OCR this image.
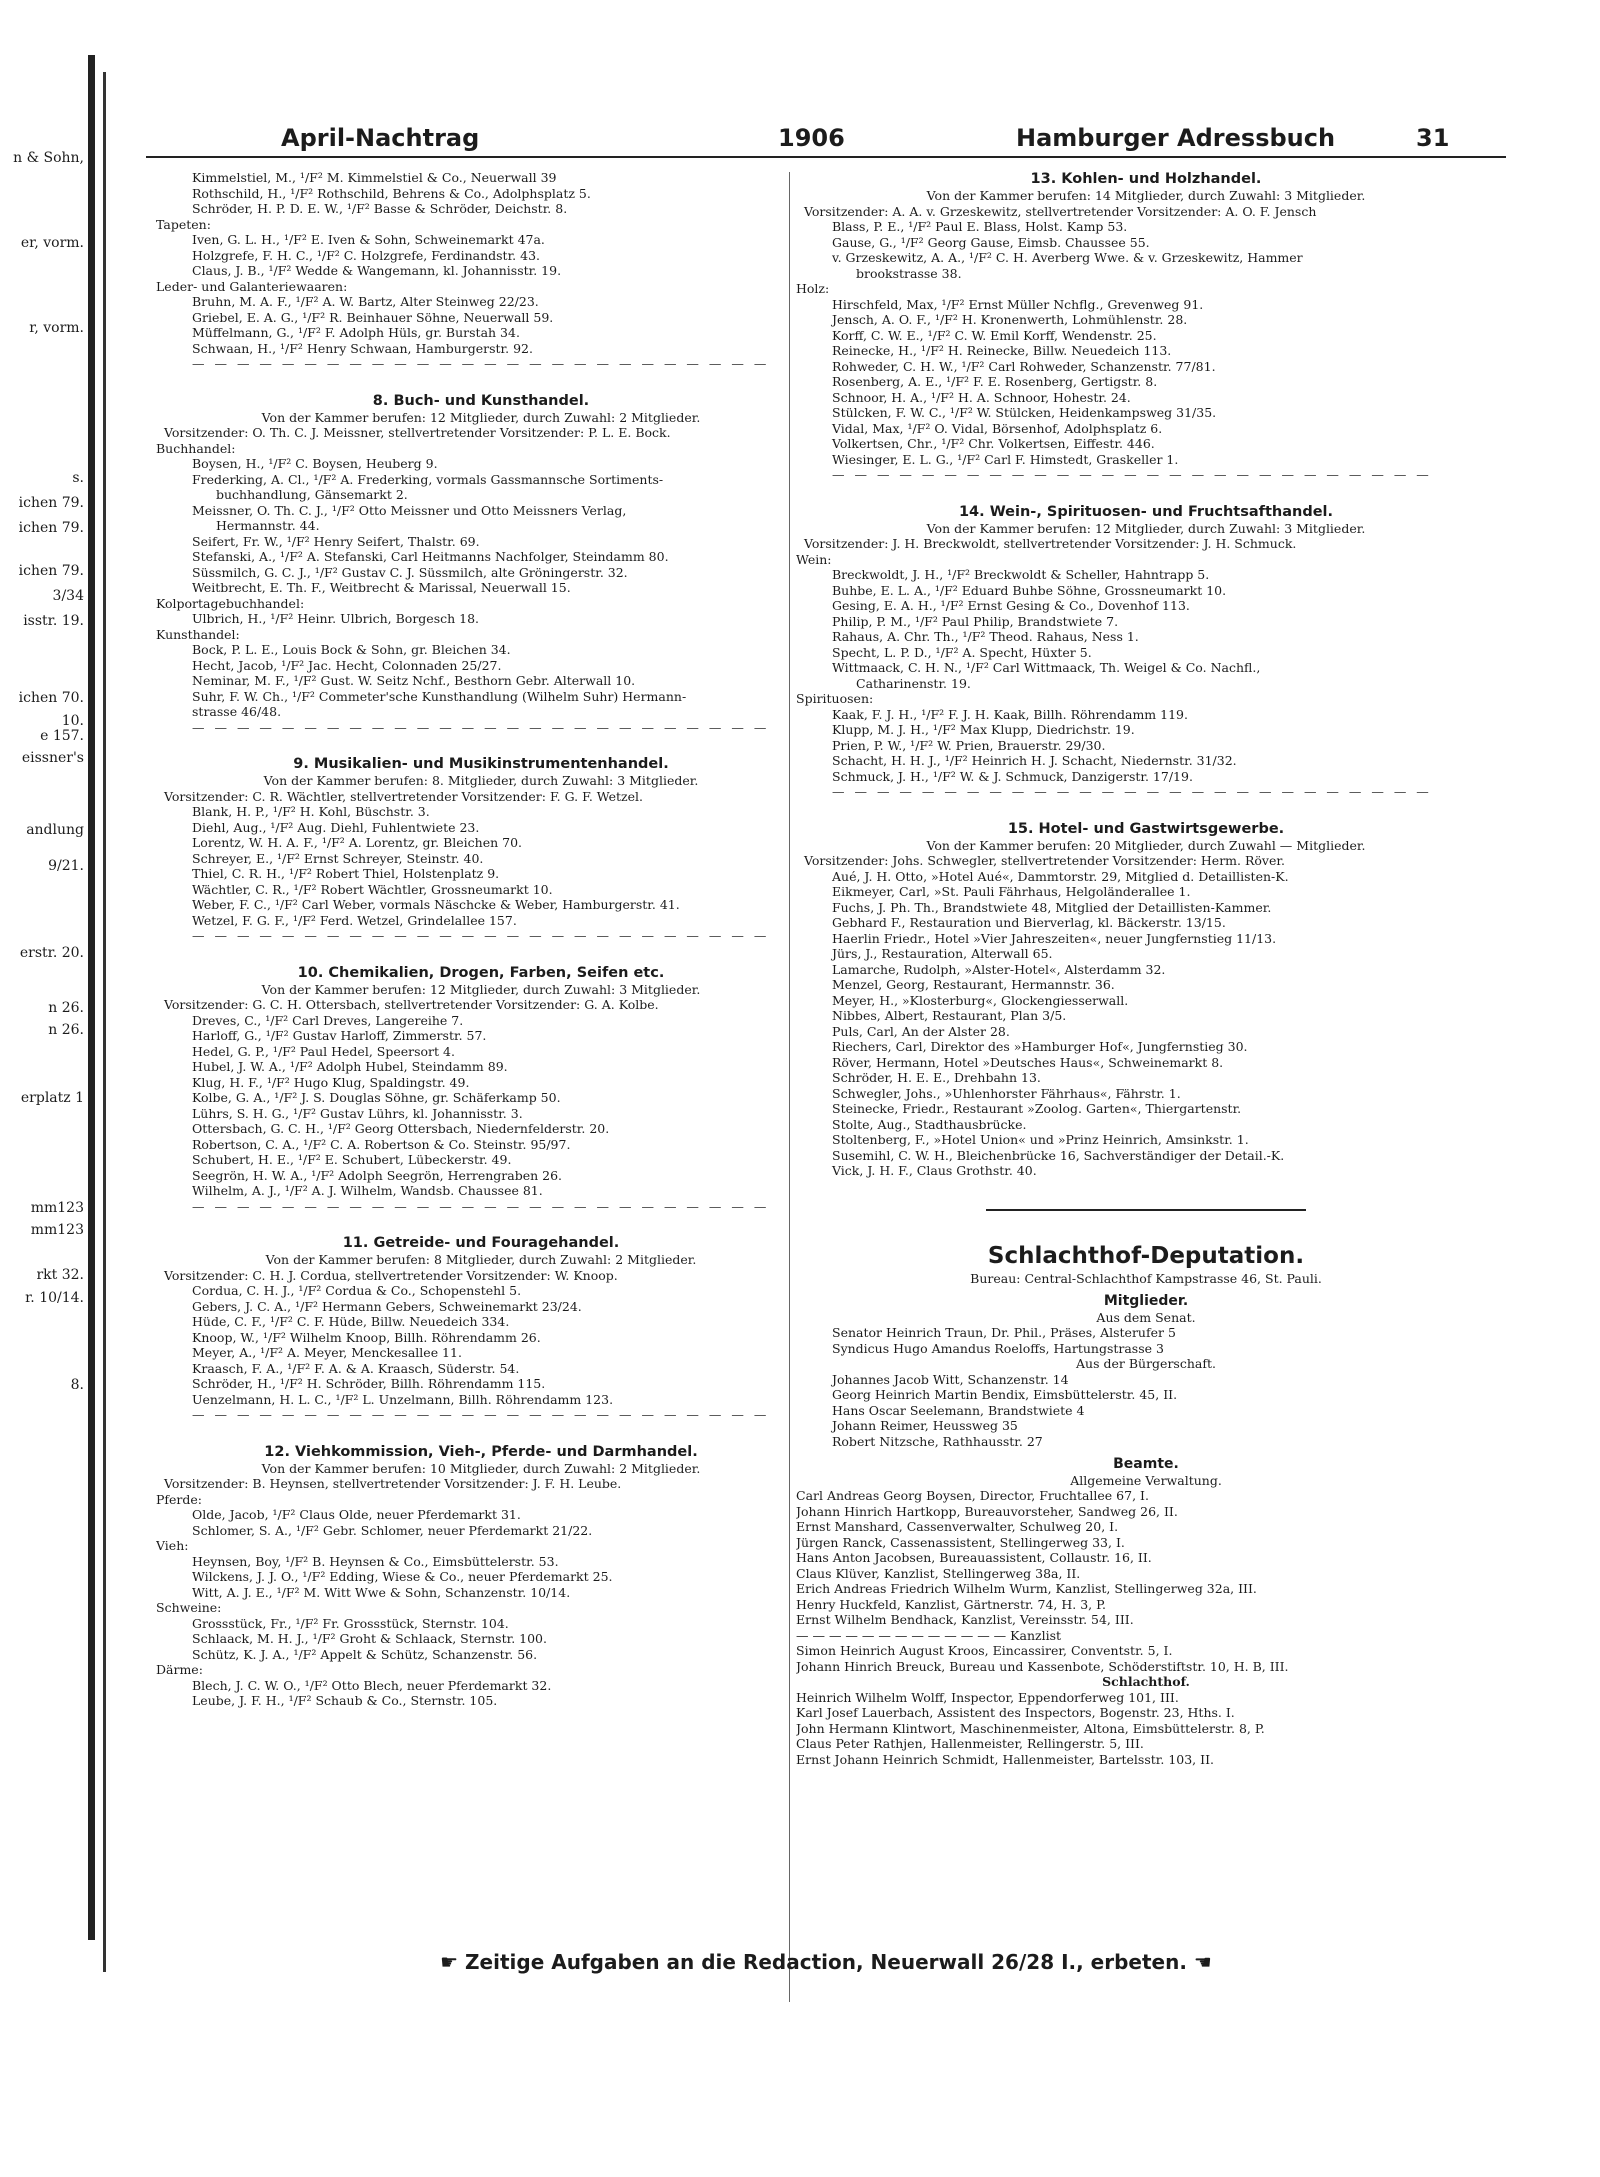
n & Sohn,
er, vorm.
r, vorm.
s.
ichen 79.
ichen 79.
ichen 79.
3/34
isstr. 19.
ichen 70.
10.
e 157.
eissner's
andlung
9/21.
erstr. 20.
n 26.
n 26.
erplatz 1
mm123
mm123
rkt 32.
r. 10/14.
8.
April-Nachtrag	1906	Hamburger Adressbuch	31
Kimmelstiel, M., ¹/F² M. Kimmelstiel & Co., Neuerwall 39
Rothschild, H., ¹/F² Rothschild, Behrens & Co., Adolphsplatz 5.
Schröder, H. P. D. E. W., ¹/F² Basse & Schröder, Deichstr. 8.
Tapeten:
Iven, G. L. H., ¹/F² E. Iven & Sohn, Schweinemarkt 47a.
Holzgrefe, F. H. C., ¹/F² C. Holzgrefe, Ferdinandstr. 43.
Claus, J. B., ¹/F² Wedde & Wangemann, kl. Johannisstr. 19.
Leder- und Galanteriewaaren:
Bruhn, M. A. F., ¹/F² A. W. Bartz, Alter Steinweg 22/23.
Griebel, E. A. G., ¹/F² R. Beinhauer Söhne, Neuerwall 59.
Müffelmann, G., ¹/F² F. Adolph Hüls, gr. Burstah 34.
Schwaan, H., ¹/F² Henry Schwaan, Hamburgerstr. 92.
— — — — — — — — — — — — — — — — — — — — — — — — — —
8. Buch- und Kunsthandel.
Von der Kammer berufen: 12 Mitglieder, durch Zuwahl: 2 Mitglieder.
Vorsitzender: O. Th. C. J. Meissner, stellvertretender Vorsitzender: P. L. E. Bock.
Buchhandel:
Boysen, H., ¹/F² C. Boysen, Heuberg 9.
Frederking, A. Cl., ¹/F² A. Frederking, vormals Gassmannsche Sortiments-
buchhandlung, Gänsemarkt 2.
Meissner, O. Th. C. J., ¹/F² Otto Meissner und Otto Meissners Verlag,
Hermannstr. 44.
Seifert, Fr. W., ¹/F² Henry Seifert, Thalstr. 69.
Stefanski, A., ¹/F² A. Stefanski, Carl Heitmanns Nachfolger, Steindamm 80.
Süssmilch, G. C. J., ¹/F² Gustav C. J. Süssmilch, alte Gröningerstr. 32.
Weitbrecht, E. Th. F., Weitbrecht & Marissal, Neuerwall 15.
Kolportagebuchhandel:
Ulbrich, H., ¹/F² Heinr. Ulbrich, Borgesch 18.
Kunsthandel:
Bock, P. L. E., Louis Bock & Sohn, gr. Bleichen 34.
Hecht, Jacob, ¹/F² Jac. Hecht, Colonnaden 25/27.
Neminar, M. F., ¹/F² Gust. W. Seitz Nchf., Besthorn Gebr. Alterwall 10.
Suhr, F. W. Ch., ¹/F² Commeter'sche Kunsthandlung (Wilhelm Suhr) Hermann-
strasse 46/48.
— — — — — — — — — — — — — — — — — — — — — — — — — —
9. Musikalien- und Musikinstrumentenhandel.
Von der Kammer berufen: 8. Mitglieder, durch Zuwahl: 3 Mitglieder.
Vorsitzender: C. R. Wächtler, stellvertretender Vorsitzender: F. G. F. Wetzel.
Blank, H. P., ¹/F² H. Kohl, Büschstr. 3.
Diehl, Aug., ¹/F² Aug. Diehl, Fuhlentwiete 23.
Lorentz, W. H. A. F., ¹/F² A. Lorentz, gr. Bleichen 70.
Schreyer, E., ¹/F² Ernst Schreyer, Steinstr. 40.
Thiel, C. R. H., ¹/F² Robert Thiel, Holstenplatz 9.
Wächtler, C. R., ¹/F² Robert Wächtler, Grossneumarkt 10.
Weber, F. C., ¹/F² Carl Weber, vormals Näschcke & Weber, Hamburgerstr. 41.
Wetzel, F. G. F., ¹/F² Ferd. Wetzel, Grindelallee 157.
— — — — — — — — — — — — — — — — — — — — — — — — — —
10. Chemikalien, Drogen, Farben, Seifen etc.
Von der Kammer berufen: 12 Mitglieder, durch Zuwahl: 3 Mitglieder.
Vorsitzender: G. C. H. Ottersbach, stellvertretender Vorsitzender: G. A. Kolbe.
Dreves, C., ¹/F² Carl Dreves, Langereihe 7.
Harloff, G., ¹/F² Gustav Harloff, Zimmerstr. 57.
Hedel, G. P., ¹/F² Paul Hedel, Speersort 4.
Hubel, J. W. A., ¹/F² Adolph Hubel, Steindamm 89.
Klug, H. F., ¹/F² Hugo Klug, Spaldingstr. 49.
Kolbe, G. A., ¹/F² J. S. Douglas Söhne, gr. Schäferkamp 50.
Lührs, S. H. G., ¹/F² Gustav Lührs, kl. Johannisstr. 3.
Ottersbach, G. C. H., ¹/F² Georg Ottersbach, Niedernfelderstr. 20.
Robertson, C. A., ¹/F² C. A. Robertson & Co. Steinstr. 95/97.
Schubert, H. E., ¹/F² E. Schubert, Lübeckerstr. 49.
Seegrön, H. W. A., ¹/F² Adolph Seegrön, Herrengraben 26.
Wilhelm, A. J., ¹/F² A. J. Wilhelm, Wandsb. Chaussee 81.
— — — — — — — — — — — — — — — — — — — — — — — — — —
11. Getreide- und Fouragehandel.
Von der Kammer berufen: 8 Mitglieder, durch Zuwahl: 2 Mitglieder.
Vorsitzender: C. H. J. Cordua, stellvertretender Vorsitzender: W. Knoop.
Cordua, C. H. J., ¹/F² Cordua & Co., Schopenstehl 5.
Gebers, J. C. A., ¹/F² Hermann Gebers, Schweinemarkt 23/24.
Hüde, C. F., ¹/F² C. F. Hüde, Billw. Neuedeich 334.
Knoop, W., ¹/F² Wilhelm Knoop, Billh. Röhrendamm 26.
Meyer, A., ¹/F² A. Meyer, Menckesallee 11.
Kraasch, F. A., ¹/F² F. A. & A. Kraasch, Süderstr. 54.
Schröder, H., ¹/F² H. Schröder, Billh. Röhrendamm 115.
Uenzelmann, H. L. C., ¹/F² L. Unzelmann, Billh. Röhrendamm 123.
— — — — — — — — — — — — — — — — — — — — — — — — — —
12. Viehkommission, Vieh-, Pferde- und Darmhandel.
Von der Kammer berufen: 10 Mitglieder, durch Zuwahl: 2 Mitglieder.
Vorsitzender: B. Heynsen, stellvertretender Vorsitzender: J. F. H. Leube.
Pferde:
Olde, Jacob, ¹/F² Claus Olde, neuer Pferdemarkt 31.
Schlomer, S. A., ¹/F² Gebr. Schlomer, neuer Pferdemarkt 21/22.
Vieh:
Heynsen, Boy, ¹/F² B. Heynsen & Co., Eimsbüttelerstr. 53.
Wilckens, J. J. O., ¹/F² Edding, Wiese & Co., neuer Pferdemarkt 25.
Witt, A. J. E., ¹/F² M. Witt Wwe & Sohn, Schanzenstr. 10/14.
Schweine:
Grossstück, Fr., ¹/F² Fr. Grossstück, Sternstr. 104.
Schlaack, M. H. J., ¹/F² Groht & Schlaack, Sternstr. 100.
Schütz, K. J. A., ¹/F² Appelt & Schütz, Schanzenstr. 56.
Därme:
Blech, J. C. W. O., ¹/F² Otto Blech, neuer Pferdemarkt 32.
Leube, J. F. H., ¹/F² Schaub & Co., Sternstr. 105.
13. Kohlen- und Holzhandel.
Von der Kammer berufen: 14 Mitglieder, durch Zuwahl: 3 Mitglieder.
Vorsitzender: A. A. v. Grzeskewitz, stellvertretender Vorsitzender: A. O. F. Jensch
Blass, P. E., ¹/F² Paul E. Blass, Holst. Kamp 53.
Gause, G., ¹/F² Georg Gause, Eimsb. Chaussee 55.
v. Grzeskewitz, A. A., ¹/F² C. H. Averberg Wwe. & v. Grzeskewitz, Hammer
brookstrasse 38.
Holz:
Hirschfeld, Max, ¹/F² Ernst Müller Nchflg., Grevenweg 91.
Jensch, A. O. F., ¹/F² H. Kronenwerth, Lohmühlenstr. 28.
Korff, C. W. E., ¹/F² C. W. Emil Korff, Wendenstr. 25.
Reinecke, H., ¹/F² H. Reinecke, Billw. Neuedeich 113.
Rohweder, C. H. W., ¹/F² Carl Rohweder, Schanzenstr. 77/81.
Rosenberg, A. E., ¹/F² F. E. Rosenberg, Gertigstr. 8.
Schnoor, H. A., ¹/F² H. A. Schnoor, Hohestr. 24.
Stülcken, F. W. C., ¹/F² W. Stülcken, Heidenkampsweg 31/35.
Vidal, Max, ¹/F² O. Vidal, Börsenhof, Adolphsplatz 6.
Volkertsen, Chr., ¹/F² Chr. Volkertsen, Eiffestr. 446.
Wiesinger, E. L. G., ¹/F² Carl F. Himstedt, Graskeller 1.
— — — — — — — — — — — — — — — — — — — — — — — — — — —
14. Wein-, Spirituosen- und Fruchtsafthandel.
Von der Kammer berufen: 12 Mitglieder, durch Zuwahl: 3 Mitglieder.
Vorsitzender: J. H. Breckwoldt, stellvertretender Vorsitzender: J. H. Schmuck.
Wein:
Breckwoldt, J. H., ¹/F² Breckwoldt & Scheller, Hahntrapp 5.
Buhbe, E. L. A., ¹/F² Eduard Buhbe Söhne, Grossneumarkt 10.
Gesing, E. A. H., ¹/F² Ernst Gesing & Co., Dovenhof 113.
Philip, P. M., ¹/F² Paul Philip, Brandstwiete 7.
Rahaus, A. Chr. Th., ¹/F² Theod. Rahaus, Ness 1.
Specht, L. P. D., ¹/F² A. Specht, Hüxter 5.
Wittmaack, C. H. N., ¹/F² Carl Wittmaack, Th. Weigel & Co. Nachfl.,
Catharinenstr. 19.
Spirituosen:
Kaak, F. J. H., ¹/F² F. J. H. Kaak, Billh. Röhrendamm 119.
Klupp, M. J. H., ¹/F² Max Klupp, Diedrichstr. 19.
Prien, P. W., ¹/F² W. Prien, Brauerstr. 29/30.
Schacht, H. H. J., ¹/F² Heinrich H. J. Schacht, Niedernstr. 31/32.
Schmuck, J. H., ¹/F² W. & J. Schmuck, Danzigerstr. 17/19.
— — — — — — — — — — — — — — — — — — — — — — — — — — —
15. Hotel- und Gastwirtsgewerbe.
Von der Kammer berufen: 20 Mitglieder, durch Zuwahl — Mitglieder.
Vorsitzender: Johs. Schwegler, stellvertretender Vorsitzender: Herm. Röver.
Aué, J. H. Otto, »Hotel Aué«, Dammtorstr. 29, Mitglied d. Detaillisten-K.
Eikmeyer, Carl, »St. Pauli Fährhaus, Helgoländerallee 1.
Fuchs, J. Ph. Th., Brandstwiete 48, Mitglied der Detaillisten-Kammer.
Gebhard F., Restauration und Bierverlag, kl. Bäckerstr. 13/15.
Haerlin Friedr., Hotel »Vier Jahreszeiten«, neuer Jungfernstieg 11/13.
Jürs, J., Restauration, Alterwall 65.
Lamarche, Rudolph, »Alster-Hotel«, Alsterdamm 32.
Menzel, Georg, Restaurant, Hermannstr. 36.
Meyer, H., »Klosterburg«, Glockengiesserwall.
Nibbes, Albert, Restaurant, Plan 3/5.
Puls, Carl, An der Alster 28.
Riechers, Carl, Direktor des »Hamburger Hof«, Jungfernstieg 30.
Röver, Hermann, Hotel »Deutsches Haus«, Schweinemarkt 8.
Schröder, H. E. E., Drehbahn 13.
Schwegler, Johs., »Uhlenhorster Fährhaus«, Fährstr. 1.
Steinecke, Friedr., Restaurant »Zoolog. Garten«, Thiergartenstr.
Stolte, Aug., Stadthausbrücke.
Stoltenberg, F., »Hotel Union« und »Prinz Heinrich, Amsinkstr. 1.
Susemihl, C. W. H., Bleichenbrücke 16, Sachverständiger der Detail.-K.
Vick, J. H. F., Claus Grothstr. 40.
Schlachthof-Deputation.
Bureau: Central-Schlachthof Kampstrasse 46, St. Pauli.
Mitglieder.
Aus dem Senat.
Senator Heinrich Traun, Dr. Phil., Präses, Alsterufer 5
Syndicus Hugo Amandus Roeloffs, Hartungstrasse 3
Aus der Bürgerschaft.
Johannes Jacob Witt, Schanzenstr. 14
Georg Heinrich Martin Bendix, Eimsbüttelerstr. 45, II.
Hans Oscar Seelemann, Brandstwiete 4
Johann Reimer, Heussweg 35
Robert Nitzsche, Rathhausstr. 27
Beamte.
Allgemeine Verwaltung.
Carl Andreas Georg Boysen, Director, Fruchtallee 67, I.
Johann Hinrich Hartkopp, Bureauvorsteher, Sandweg 26, II.
Ernst Manshard, Cassenverwalter, Schulweg 20, I.
Jürgen Ranck, Cassenassistent, Stellingerweg 33, I.
Hans Anton Jacobsen, Bureauassistent, Collaustr. 16, II.
Claus Klüver, Kanzlist, Stellingerweg 38a, II.
Erich Andreas Friedrich Wilhelm Wurm, Kanzlist, Stellingerweg 32a, III.
Henry Huckfeld, Kanzlist, Gärtnerstr. 74, H. 3, P.
Ernst Wilhelm Bendhack, Kanzlist, Vereinsstr. 54, III.
— — — — — — — — — — — — — Kanzlist
Simon Heinrich August Kroos, Eincassirer, Conventstr. 5, I.
Johann Hinrich Breuck, Bureau und Kassenbote, Schöderstiftstr. 10, H. B, III.
Schlachthof.
Heinrich Wilhelm Wolff, Inspector, Eppendorferweg 101, III.
Karl Josef Lauerbach, Assistent des Inspectors, Bogenstr. 23, Hths. I.
John Hermann Klintwort, Maschinenmeister, Altona, Eimsbüttelerstr. 8, P.
Claus Peter Rathjen, Hallenmeister, Rellingerstr. 5, III.
Ernst Johann Heinrich Schmidt, Hallenmeister, Bartelsstr. 103, II.
☛ Zeitige Aufgaben an die Redaction, Neuerwall 26/28 I., erbeten. ☚
